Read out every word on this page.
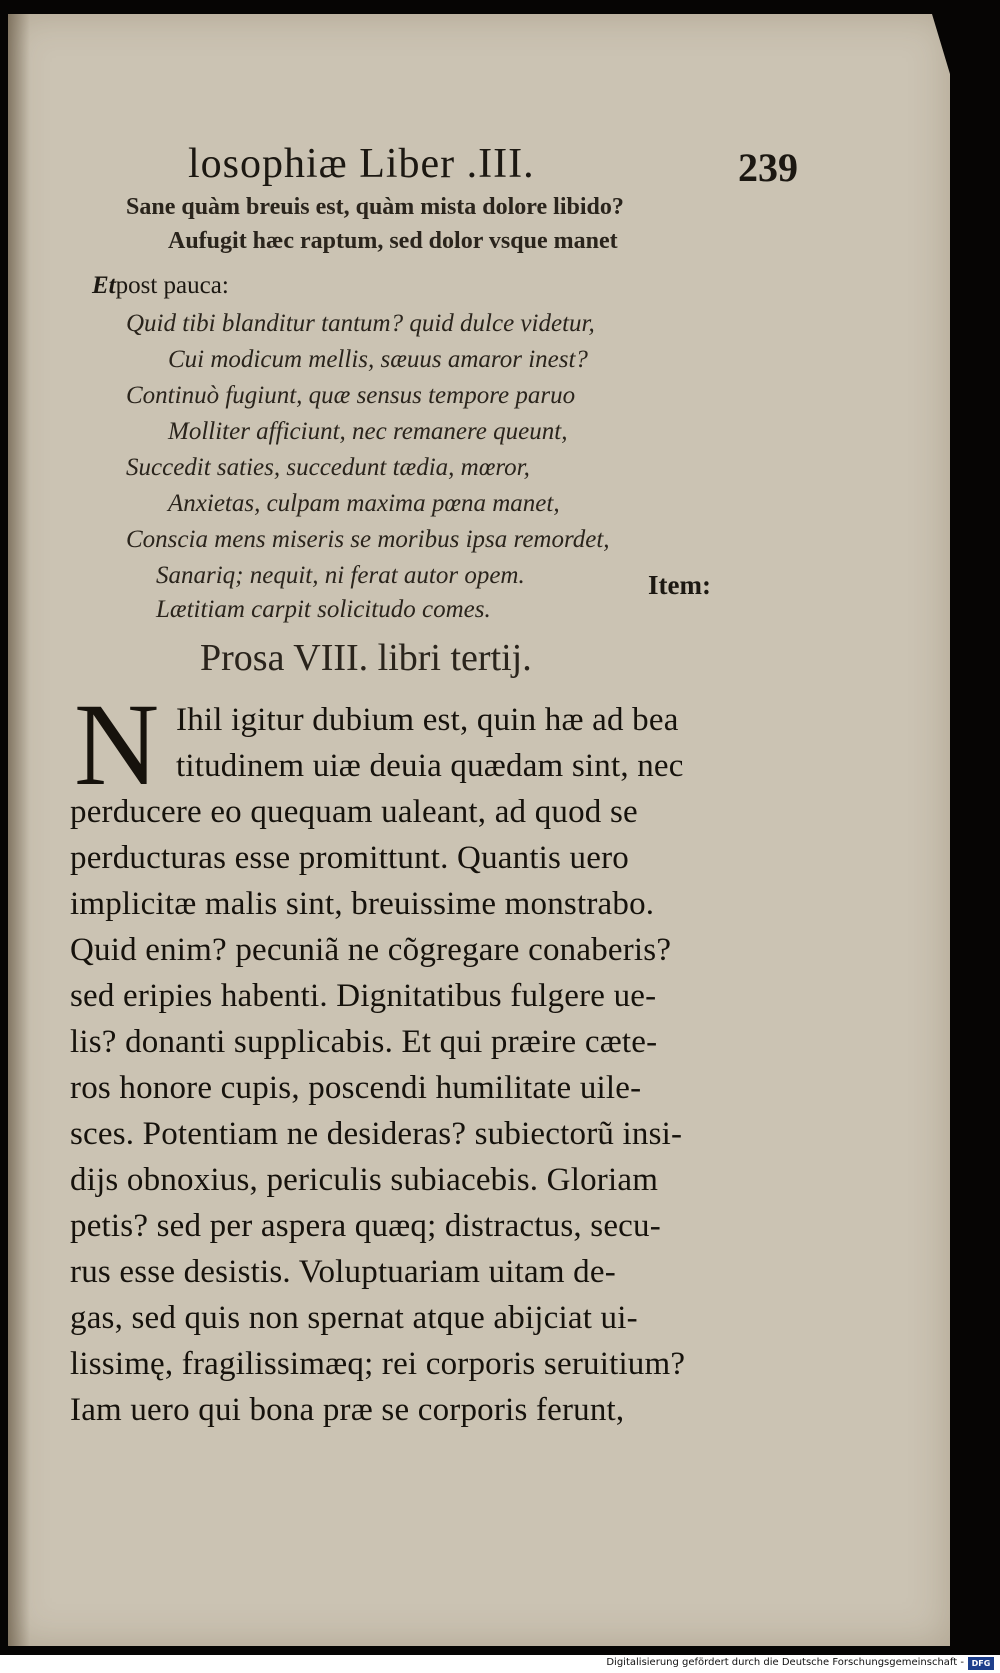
losophiæ Liber .III.	239
Sane quàm breuis est, quàm mista dolore libido?
Aufugit hæc raptum, sed dolor vsque manet
Etpost pauca:
Quid tibi blanditur tantum? quid dulce videtur,
Cui modicum mellis, sæuus amaror inest?
Continuò fugiunt, quæ sensus tempore paruo
Molliter afficiunt, nec remanere queunt,
Succedit saties, succedunt tædia, mœror,
Anxietas, culpam maxima pœna manet,
Conscia mens miseris se moribus ipsa remordet,
Sanariq; nequit, ni ferat autor opem.
Lætitiam carpit solicitudo comes.
Item:
Prosa VIII. libri tertij.
N Ihil igitur dubium est, quin hæ ad bea
titudinem uiæ deuia quædam sint, nec
perducere eo quequam ualeant, ad quod se
perducturas esse promittunt. Quantis uero
implicitæ malis sint, breuissime monstrabo.
Quid enim? pecuniã ne cõgregare conaberis?
sed eripies habenti. Dignitatibus fulgere ue-
lis? donanti supplicabis. Et qui præire cæte-
ros honore cupis, poscendi humilitate uile-
sces. Potentiam ne desideras? subiectorũ insi-
dijs obnoxius, periculis subiacebis. Gloriam
petis? sed per aspera quæq; distractus, secu-
rus esse desistis. Voluptuariam uitam de-
gas, sed quis non spernat atque abijciat ui-
lissimę, fragilissimæq; rei corporis seruitium?
Iam uero qui bona præ se corporis ferunt,
Digitalisierung gefördert durch die Deutsche Forschungsgemeinschaft - DFG
